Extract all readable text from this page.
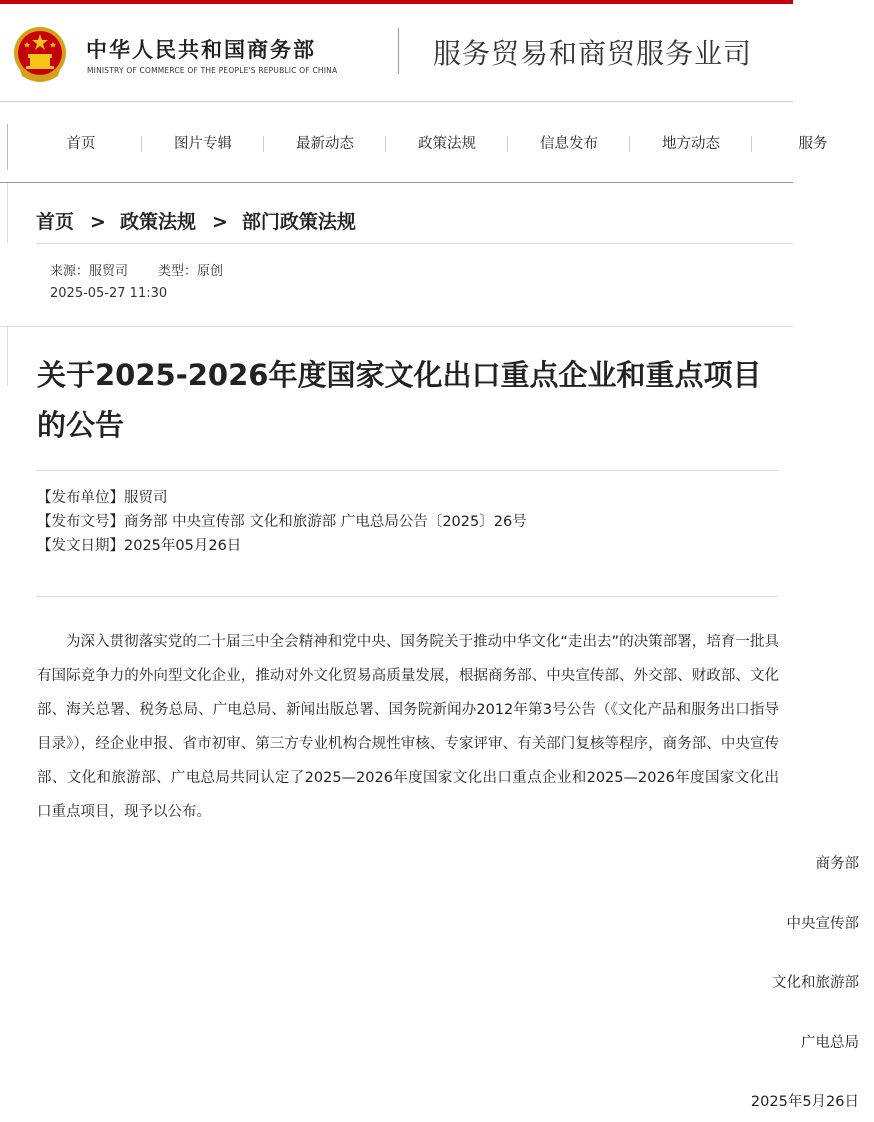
中华人民共和国商务部
MINISTRY OF COMMERCE OF THE PEOPLE'S REPUBLIC OF CHINA
服务贸易和商贸服务业司
首页	图片专辑	最新动态	政策法规	信息发布	地方动态	服务
首页 > 政策法规 > 部门政策法规
来源：服贸司 类型：原创
2025-05-27 11:30
关于2025-2026年度国家文化出口重点企业和重点项目的公告
【发布单位】服贸司
【发布文号】商务部 中央宣传部 文化和旅游部 广电总局公告〔2025〕26号
【发文日期】2025年05月26日
为深入贯彻落实党的二十届三中全会精神和党中央、国务院关于推动中华文化“走出去”的决策部署，培育一批具有国际竞争力的外向型文化企业，推动对外文化贸易高质量发展，根据商务部、中央宣传部、外交部、财政部、文化部、海关总署、税务总局、广电总局、新闻出版总署、国务院新闻办2012年第3号公告（《文化产品和服务出口指导目录》），经企业申报、省市初审、第三方专业机构合规性审核、专家评审、有关部门复核等程序，商务部、中央宣传部、文化和旅游部、广电总局共同认定了2025—2026年度国家文化出口重点企业和2025—2026年度国家文化出口重点项目，现予以公布。
商务部
中央宣传部
文化和旅游部
广电总局
2025年5月26日
